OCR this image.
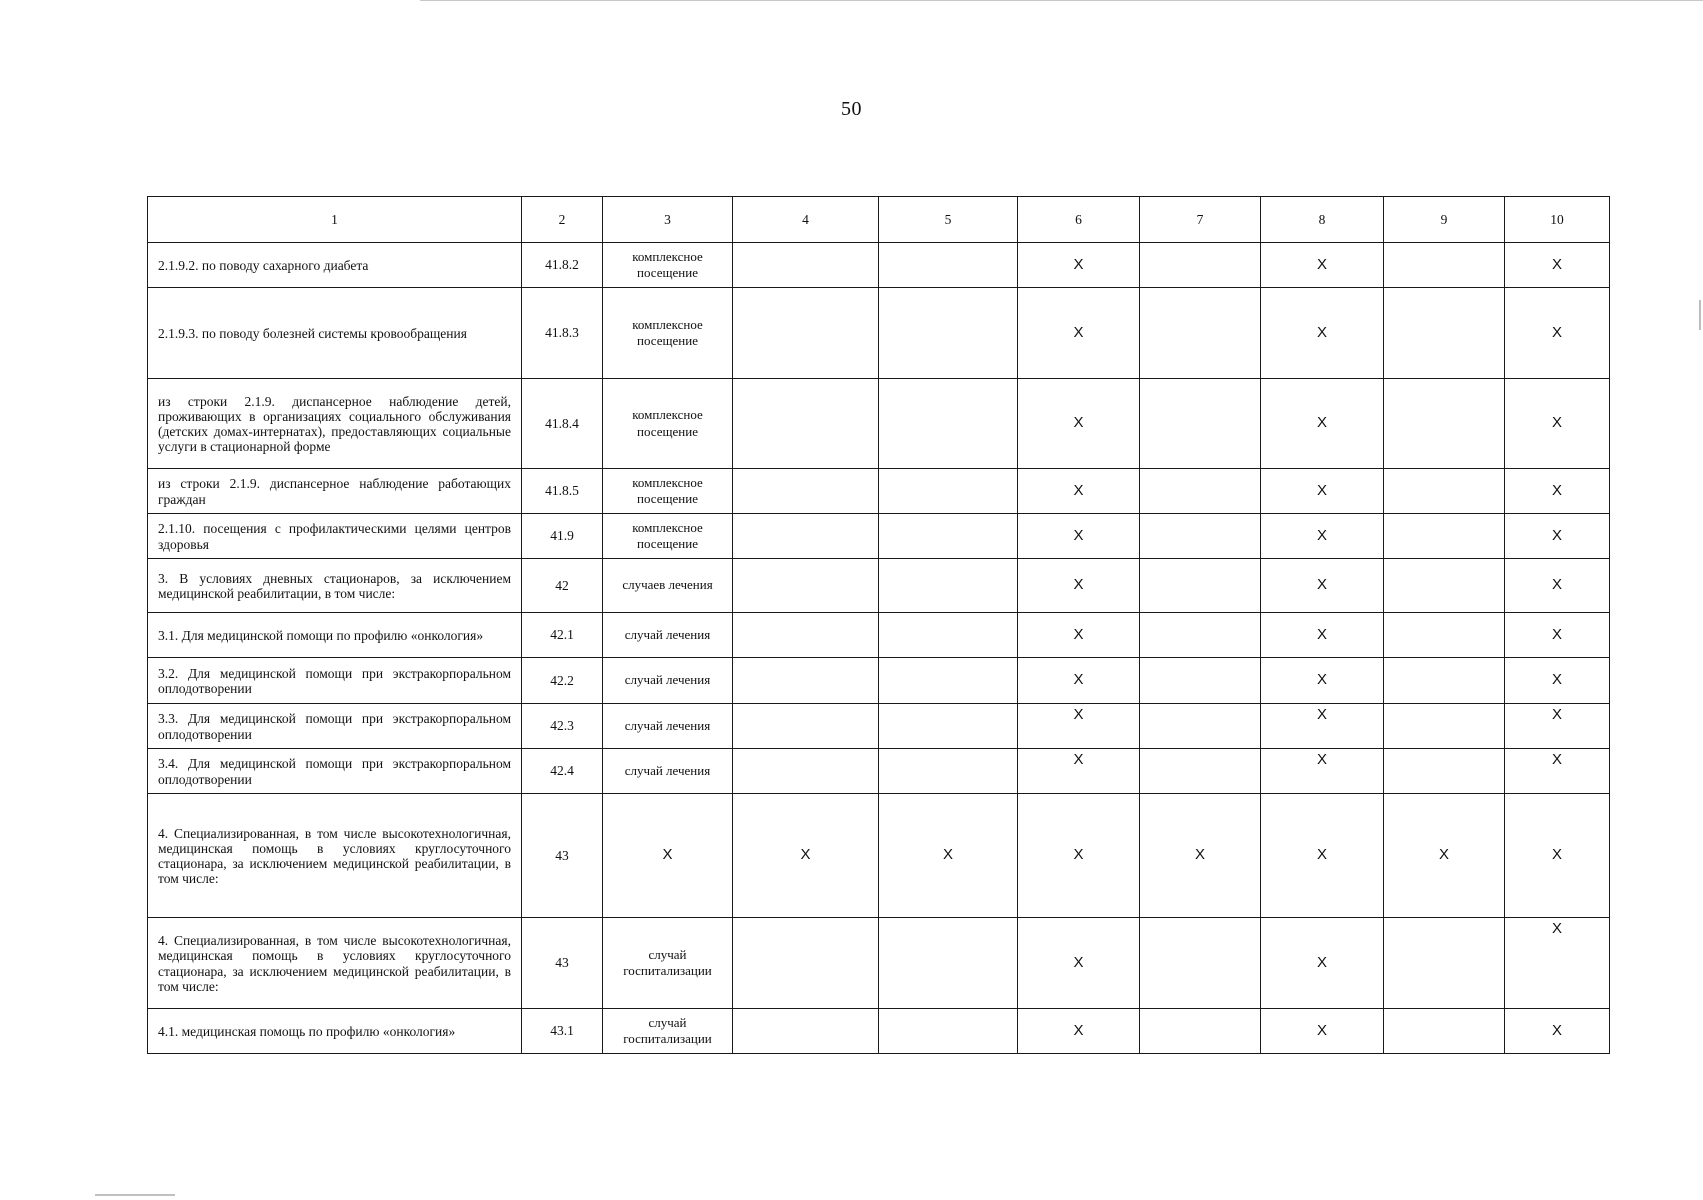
50
1	2	3	4	5	6	7	8	9	10
2.1.9.2. по поводу сахарного диабета	41.8.2	комплексное посещение			X		X		X
2.1.9.3. по поводу болезней системы кровообращения	41.8.3	комплексное посещение			X		X		X
из строки 2.1.9. диспансерное наблюдение детей, проживающих в организациях социального обслуживания (детских домах-интернатах), предоставляющих социальные услуги в стационарной форме	41.8.4	комплексное посещение			X		X		X
из строки 2.1.9. диспансерное наблюдение работающих граждан	41.8.5	комплексное посещение			X		X		X
2.1.10. посещения с профилактическими целями центров здоровья	41.9	комплексное посещение			X		X		X
3. В условиях дневных стационаров, за исключением медицинской реабилитации, в том числе:	42	случаев лечения			X		X		X
3.1. Для медицинской помощи по профилю «онкология»	42.1	случай лечения			X		X		X
3.2. Для медицинской помощи при экстракорпоральном оплодотворении	42.2	случай лечения			X		X		X
3.3. Для медицинской помощи при экстракорпоральном оплодотворении	42.3	случай лечения			X		X		X
3.4. Для медицинской помощи при экстракорпоральном оплодотворении	42.4	случай лечения			X		X		X
4. Специализированная, в том числе высокотехнологичная, медицинская помощь в условиях круглосуточного стационара, за исключением медицинской реабилитации, в том числе:	43	X	X	X	X	X	X	X	X
4. Специализированная, в том числе высокотехнологичная, медицинская помощь в условиях круглосуточного стационара, за исключением медицинской реабилитации, в том числе:	43	случай госпитализации			X		X		X
4.1. медицинская помощь по профилю «онкология»	43.1	случай госпитализации			X		X		X
